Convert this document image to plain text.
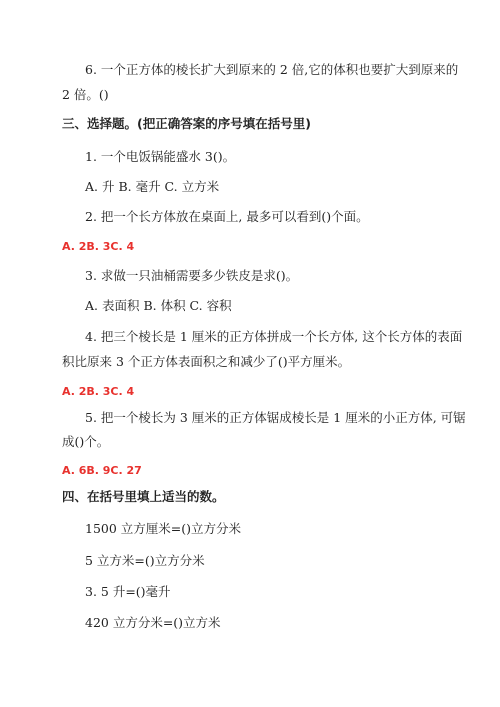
6. 一个正方体的棱长扩大到原来的 2 倍,它的体积也要扩大到原来的
2 倍。()
三、选择题。(把正确答案的序号填在括号里)
1. 一个电饭锅能盛水 3()。
A. 升 B. 毫升 C. 立方米
2. 把一个长方体放在桌面上, 最多可以看到()个面。
A. 2B. 3C. 4
3. 求做一只油桶需要多少铁皮是求()。
A. 表面积 B. 体积 C. 容积
4. 把三个棱长是 1 厘米的正方体拼成一个长方体, 这个长方体的表面
积比原来 3 个正方体表面积之和减少了()平方厘米。
A. 2B. 3C. 4
5. 把一个棱长为 3 厘米的正方体锯成棱长是 1 厘米的小正方体, 可锯
成()个。
A. 6B. 9C. 27
四、在括号里填上适当的数。
1500 立方厘米=()立方分米
5 立方米=()立方分米
3. 5 升=()毫升
420 立方分米=()立方米
